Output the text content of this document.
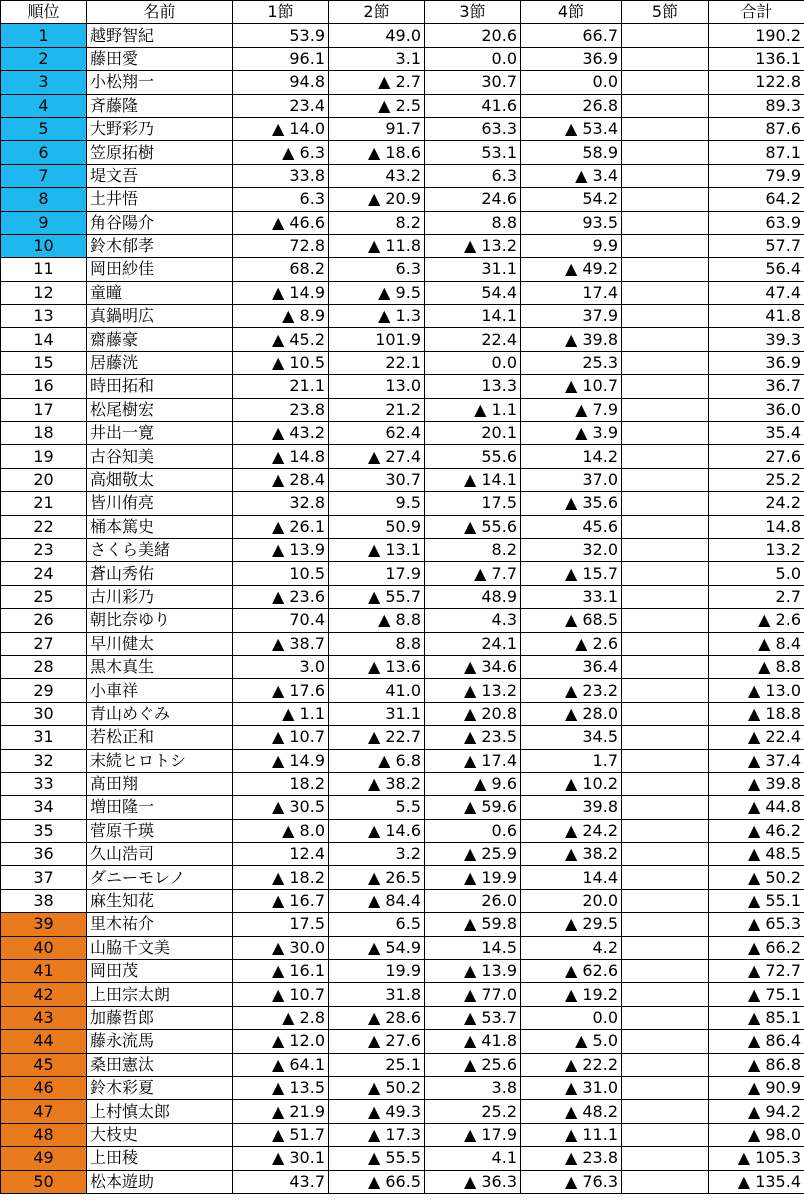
順位	名前	1節	2節	3節	4節	5節	合計
1	越野智紀	53.9	49.0	20.6	66.7		190.2
2	藤田愛	96.1	3.1	0.0	36.9		136.1
3	小松翔一	94.8	▲ 2.7	30.7	0.0		122.8
4	斉藤隆	23.4	▲ 2.5	41.6	26.8		89.3
5	大野彩乃	▲ 14.0	91.7	63.3	▲ 53.4		87.6
6	笠原拓樹	▲ 6.3	▲ 18.6	53.1	58.9		87.1
7	堤文吾	33.8	43.2	6.3	▲ 3.4		79.9
8	土井悟	6.3	▲ 20.9	24.6	54.2		64.2
9	角谷陽介	▲ 46.6	8.2	8.8	93.5		63.9
10	鈴木郁孝	72.8	▲ 11.8	▲ 13.2	9.9		57.7
11	岡田紗佳	68.2	6.3	31.1	▲ 49.2		56.4
12	童瞳	▲ 14.9	▲ 9.5	54.4	17.4		47.4
13	真鍋明広	▲ 8.9	▲ 1.3	14.1	37.9		41.8
14	齋藤豪	▲ 45.2	101.9	22.4	▲ 39.8		39.3
15	居藤洸	▲ 10.5	22.1	0.0	25.3		36.9
16	時田拓和	21.1	13.0	13.3	▲ 10.7		36.7
17	松尾樹宏	23.8	21.2	▲ 1.1	▲ 7.9		36.0
18	井出一寛	▲ 43.2	62.4	20.1	▲ 3.9		35.4
19	古谷知美	▲ 14.8	▲ 27.4	55.6	14.2		27.6
20	高畑敬太	▲ 28.4	30.7	▲ 14.1	37.0		25.2
21	皆川侑亮	32.8	9.5	17.5	▲ 35.6		24.2
22	桶本篤史	▲ 26.1	50.9	▲ 55.6	45.6		14.8
23	さくら美緒	▲ 13.9	▲ 13.1	8.2	32.0		13.2
24	蒼山秀佑	10.5	17.9	▲ 7.7	▲ 15.7		5.0
25	古川彩乃	▲ 23.6	▲ 55.7	48.9	33.1		2.7
26	朝比奈ゆり	70.4	▲ 8.8	4.3	▲ 68.5		▲ 2.6
27	早川健太	▲ 38.7	8.8	24.1	▲ 2.6		▲ 8.4
28	黒木真生	3.0	▲ 13.6	▲ 34.6	36.4		▲ 8.8
29	小車祥	▲ 17.6	41.0	▲ 13.2	▲ 23.2		▲ 13.0
30	青山めぐみ	▲ 1.1	31.1	▲ 20.8	▲ 28.0		▲ 18.8
31	若松正和	▲ 10.7	▲ 22.7	▲ 23.5	34.5		▲ 22.4
32	末続ヒロトシ	▲ 14.9	▲ 6.8	▲ 17.4	1.7		▲ 37.4
33	髙田翔	18.2	▲ 38.2	▲ 9.6	▲ 10.2		▲ 39.8
34	増田隆一	▲ 30.5	5.5	▲ 59.6	39.8		▲ 44.8
35	菅原千瑛	▲ 8.0	▲ 14.6	0.6	▲ 24.2		▲ 46.2
36	久山浩司	12.4	3.2	▲ 25.9	▲ 38.2		▲ 48.5
37	ダニーモレノ	▲ 18.2	▲ 26.5	▲ 19.9	14.4		▲ 50.2
38	麻生知花	▲ 16.7	▲ 84.4	26.0	20.0		▲ 55.1
39	里木祐介	17.5	6.5	▲ 59.8	▲ 29.5		▲ 65.3
40	山脇千文美	▲ 30.0	▲ 54.9	14.5	4.2		▲ 66.2
41	岡田茂	▲ 16.1	19.9	▲ 13.9	▲ 62.6		▲ 72.7
42	上田宗太朗	▲ 10.7	31.8	▲ 77.0	▲ 19.2		▲ 75.1
43	加藤哲郎	▲ 2.8	▲ 28.6	▲ 53.7	0.0		▲ 85.1
44	藤永流馬	▲ 12.0	▲ 27.6	▲ 41.8	▲ 5.0		▲ 86.4
45	桑田憲汰	▲ 64.1	25.1	▲ 25.6	▲ 22.2		▲ 86.8
46	鈴木彩夏	▲ 13.5	▲ 50.2	3.8	▲ 31.0		▲ 90.9
47	上村慎太郎	▲ 21.9	▲ 49.3	25.2	▲ 48.2		▲ 94.2
48	大枝史	▲ 51.7	▲ 17.3	▲ 17.9	▲ 11.1		▲ 98.0
49	上田稜	▲ 30.1	▲ 55.5	4.1	▲ 23.8		▲ 105.3
50	松本遊助	43.7	▲ 66.5	▲ 36.3	▲ 76.3		▲ 135.4
